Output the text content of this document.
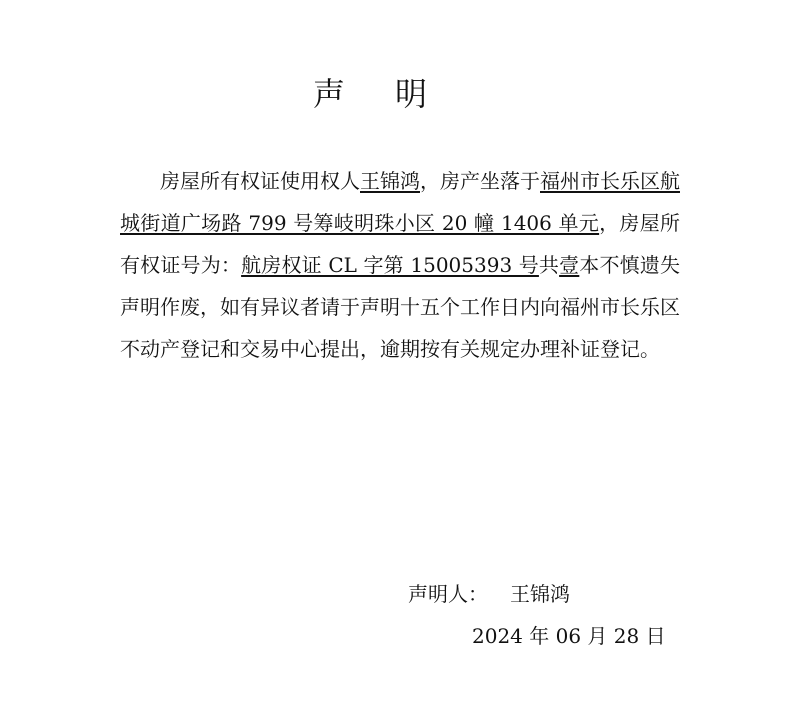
声 明
房屋所有权证使用权人王锦鸿，房产坐落于福州市长乐区航城街道广场路 799 号筹岐明珠小区 20 幢 1406 单元，房屋所有权证号为：航房权证 CL 字第 15005393 号共壹本不慎遗失声明作废，如有异议者请于声明十五个工作日内向福州市长乐区不动产登记和交易中心提出，逾期按有关规定办理补证登记。
声明人： 王锦鸿
2024 年 06 月 28 日
